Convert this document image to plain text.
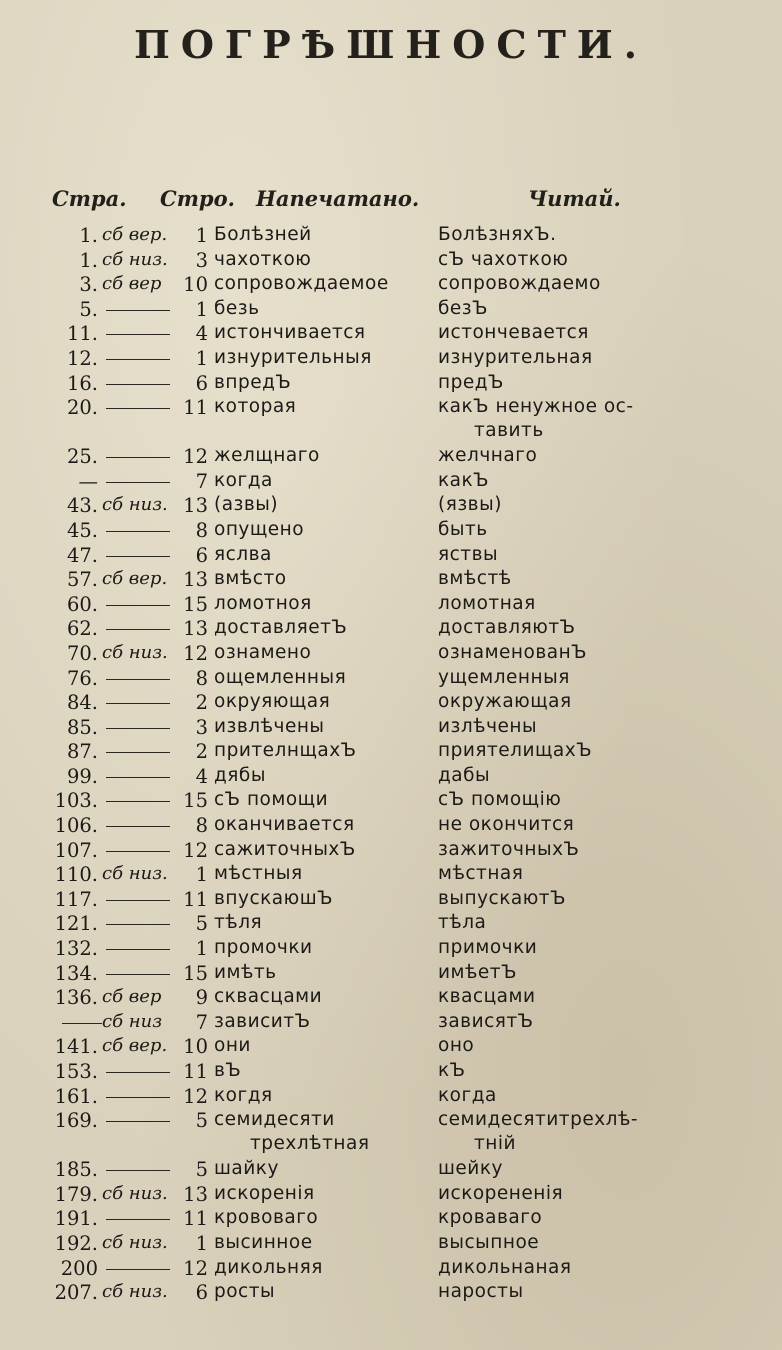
ПОГРѢШНОСТИ.
Стра. Стро. Напечатано.	Читай.
1. сб вер.	1 Болѣзней	БолѣзняхЪ.
1. сб низ.	3 чахоткою	сЪ чахоткою
3. сб вер	10 сопровождаемое	сопровождаемо
5.	1 безь	безЪ
11.	4 истончивается	истончевается
12.	1 изнурительныя	изнурительная
16.	6 впредЪ	предЪ
20.	11 которая	какЪ ненужное ос-
тавить
25.	12 желщнаго	желчнаго
—	7 когда	какЪ
43. сб низ. 13 (азвы)	(язвы)
45.	8 опущено	быть
47.	6 яслва	яствы
57. сб вер. 13 вмѣсто	вмѣстѣ
60.	15 ломотноя	ломотная
62.	13 доставляетЪ	доставляютЪ
70. сб низ. 12 ознамено	ознаменованЪ
76.	8 ощемленныя	ущемленныя
84.	2 окруяющая	окружающая
85.	3 извлѣчены	излѣчены
87.	2 прителнщахЪ	приятелищахЪ
99.	4 дябы	дабы
103.	15 сЪ помощи	сЪ помощію
106.	8 оканчивается	не окончится
107.	12 сажиточныхЪ	зажиточныхЪ
110. сб низ.	1 мѣстныя	мѣстная
117.	11 впускаюшЪ	выпускаютЪ
121.	5 тѣля	тѣла
132.	1 промочки	примочки
134.	15 имѣть	имѣетЪ
136. сб вер	9 скваcцами	квасцами
сб низ	7 зависитЪ	зависятЪ
141. сб вер. 10 они	оно
153.	11 вЪ	кЪ
161.	12 когдя	когда
169.	5 семидесяти	семидесятитрехлѣ-
трехлѣтная	тній
185.	5 шайку	шейку
179. сб низ. 13 искоренія	искорененія
191.	11 крововаго	кроваваго
192. сб низ.	1 высинное	высыпное
200	12 дикольняя	дикольнаная
207. сб низ.	6 росты	наросты
